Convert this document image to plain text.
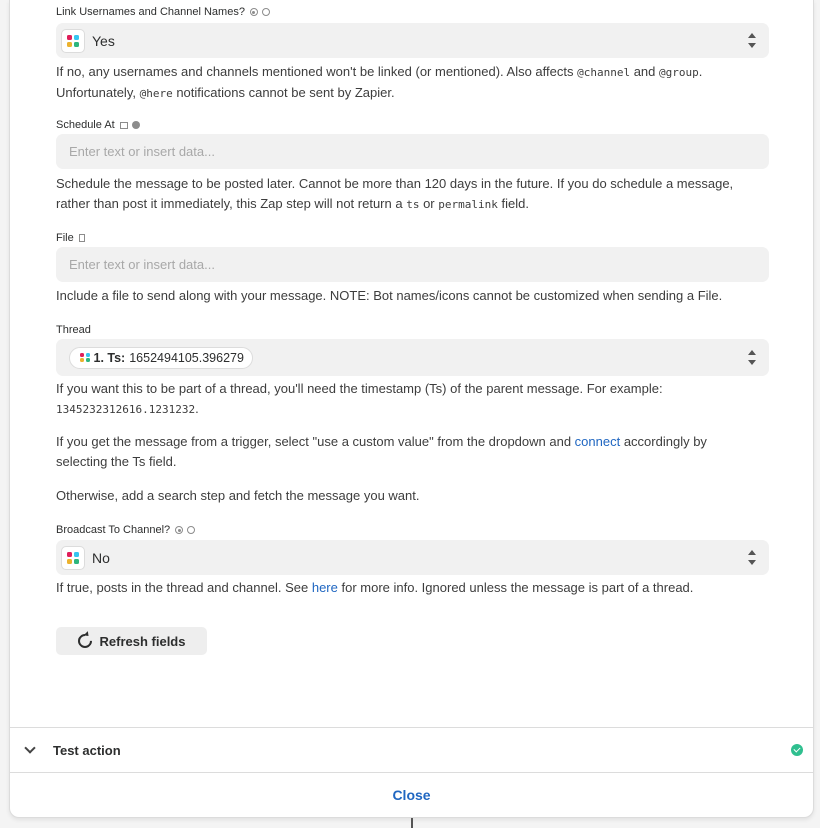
Link Usernames and Channel Names?
Yes
If no, any usernames and channels mentioned won't be linked (or mentioned). Also affects @channel and @group. Unfortunately, @here notifications cannot be sent by Zapier.
Schedule At
Enter text or insert data...
Schedule the message to be posted later. Cannot be more than 120 days in the future. If you do schedule a message, rather than post it immediately, this Zap step will not return a ts or permalink field.
File
Enter text or insert data...
Include a file to send along with your message. NOTE: Bot names/icons cannot be customized when sending a File.
Thread
1. Ts: 1652494105.396279
If you want this to be part of a thread, you'll need the timestamp (Ts) of the parent message. For example: 1345232312616.1231232.
If you get the message from a trigger, select "use a custom value" from the dropdown and connect accordingly by selecting the Ts field.
Otherwise, add a search step and fetch the message you want.
Broadcast To Channel?
No
If true, posts in the thread and channel. See here for more info. Ignored unless the message is part of a thread.
Refresh fields
Test action
Close
